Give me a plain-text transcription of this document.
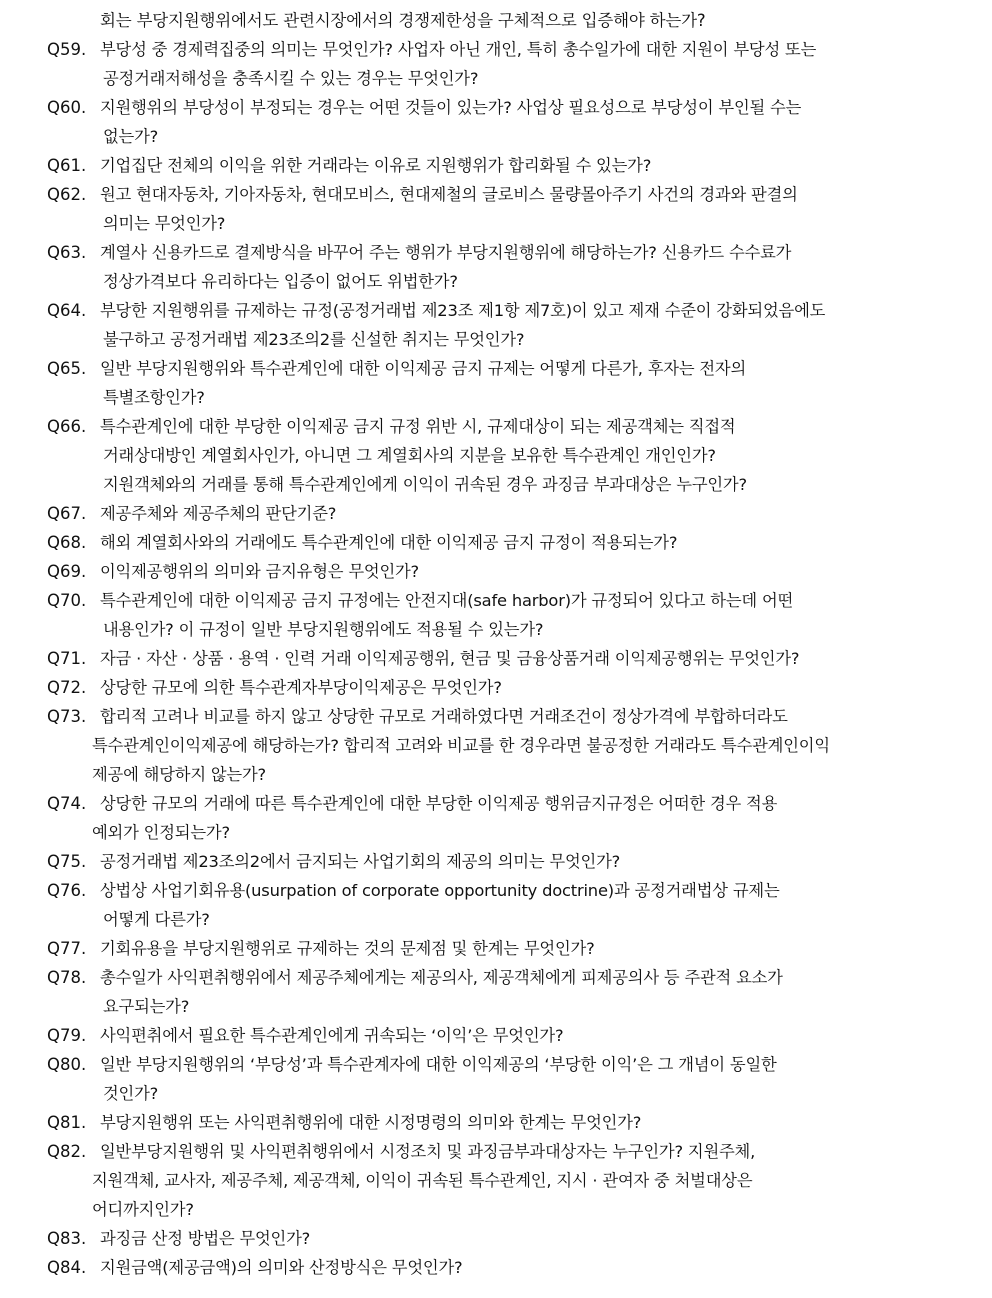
회는 부당지원행위에서도 관련시장에서의 경쟁제한성을 구체적으로 입증해야 하는가?
Q59. 부당성 중 경제력집중의 의미는 무엇인가? 사업자 아닌 개인, 특히 총수일가에 대한 지원이 부당성 또는
공정거래저해성을 충족시킬 수 있는 경우는 무엇인가?
Q60. 지원행위의 부당성이 부정되는 경우는 어떤 것들이 있는가? 사업상 필요성으로 부당성이 부인될 수는
없는가?
Q61. 기업집단 전체의 이익을 위한 거래라는 이유로 지원행위가 합리화될 수 있는가?
Q62. 원고 현대자동차, 기아자동차, 현대모비스, 현대제철의 글로비스 물량몰아주기 사건의 경과와 판결의
의미는 무엇인가?
Q63. 계열사 신용카드로 결제방식을 바꾸어 주는 행위가 부당지원행위에 해당하는가? 신용카드 수수료가
정상가격보다 유리하다는 입증이 없어도 위법한가?
Q64. 부당한 지원행위를 규제하는 규정(공정거래법 제23조 제1항 제7호)이 있고 제재 수준이 강화되었음에도
불구하고 공정거래법 제23조의2를 신설한 취지는 무엇인가?
Q65. 일반 부당지원행위와 특수관계인에 대한 이익제공 금지 규제는 어떻게 다른가, 후자는 전자의
특별조항인가?
Q66. 특수관계인에 대한 부당한 이익제공 금지 규정 위반 시, 규제대상이 되는 제공객체는 직접적
거래상대방인 계열회사인가, 아니면 그 계열회사의 지분을 보유한 특수관계인 개인인가?
지원객체와의 거래를 통해 특수관계인에게 이익이 귀속된 경우 과징금 부과대상은 누구인가?
Q67. 제공주체와 제공주체의 판단기준?
Q68. 해외 계열회사와의 거래에도 특수관계인에 대한 이익제공 금지 규정이 적용되는가?
Q69. 이익제공행위의 의미와 금지유형은 무엇인가?
Q70. 특수관계인에 대한 이익제공 금지 규정에는 안전지대(safe harbor)가 규정되어 있다고 하는데 어떤
내용인가? 이 규정이 일반 부당지원행위에도 적용될 수 있는가?
Q71. 자금 · 자산 · 상품 · 용역 · 인력 거래 이익제공행위, 현금 및 금융상품거래 이익제공행위는 무엇인가?
Q72. 상당한 규모에 의한 특수관계자부당이익제공은 무엇인가?
Q73. 합리적 고려나 비교를 하지 않고 상당한 규모로 거래하였다면 거래조건이 정상가격에 부합하더라도
특수관계인이익제공에 해당하는가? 합리적 고려와 비교를 한 경우라면 불공정한 거래라도 특수관계인이익
제공에 해당하지 않는가?
Q74. 상당한 규모의 거래에 따른 특수관계인에 대한 부당한 이익제공 행위금지규정은 어떠한 경우 적용
예외가 인정되는가?
Q75. 공정거래법 제23조의2에서 금지되는 사업기회의 제공의 의미는 무엇인가?
Q76. 상법상 사업기회유용(usurpation of corporate opportunity doctrine)과 공정거래법상 규제는
어떻게 다른가?
Q77. 기회유용을 부당지원행위로 규제하는 것의 문제점 및 한계는 무엇인가?
Q78. 총수일가 사익편취행위에서 제공주체에게는 제공의사, 제공객체에게 피제공의사 등 주관적 요소가
요구되는가?
Q79. 사익편취에서 필요한 특수관계인에게 귀속되는 ‘이익’은 무엇인가?
Q80. 일반 부당지원행위의 ‘부당성’과 특수관계자에 대한 이익제공의 ‘부당한 이익’은 그 개념이 동일한
것인가?
Q81. 부당지원행위 또는 사익편취행위에 대한 시정명령의 의미와 한계는 무엇인가?
Q82. 일반부당지원행위 및 사익편취행위에서 시정조치 및 과징금부과대상자는 누구인가? 지원주체,
지원객체, 교사자, 제공주체, 제공객체, 이익이 귀속된 특수관계인, 지시 · 관여자 중 처벌대상은
어디까지인가?
Q83. 과징금 산정 방법은 무엇인가?
Q84. 지원금액(제공금액)의 의미와 산정방식은 무엇인가?
